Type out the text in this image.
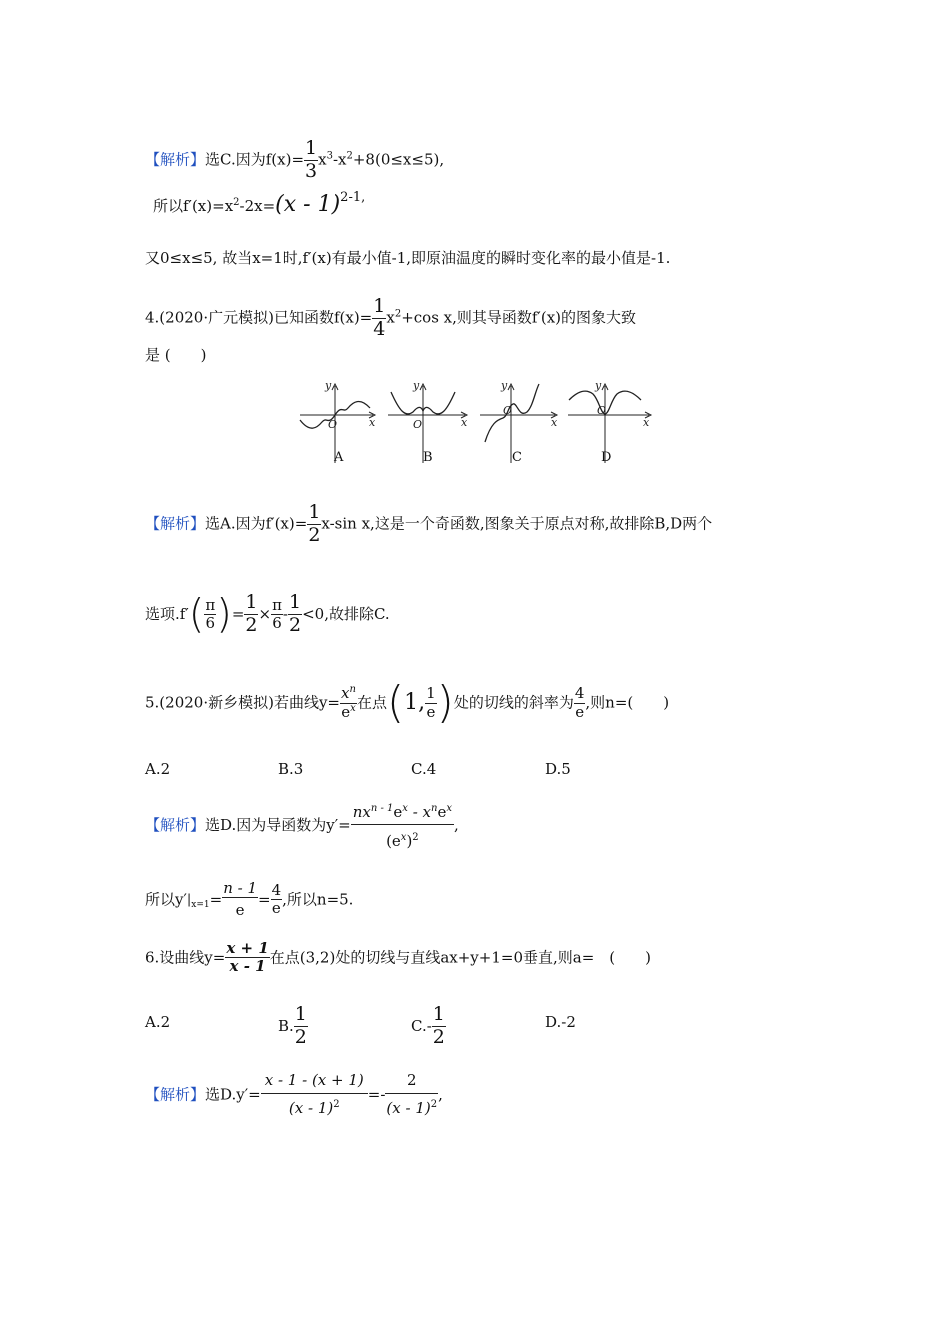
【解析】选C.因为$f(x)= \frac{1}{3} x^3-x^2+8(0\le x\le 5)$,
所以$f'(x)=x^2-2x=(x - 1)^{2-1,}$
又0≤x≤5, 故当x=1时,f′(x)有最小值-1,即原油温度的瞬时变化率的最小值是-1.
4.(2020·广元模拟)已知函数$f(x)= \frac{1}{4} x^2+\cos$ x,则其导函数f′(x)的图象大致
是 (　　)
y
x
O
y
x
O
y
x
O
y
x
O
A	B	C	D
【解析】选A.因为$f'(x)= \frac{1}{2} x-\sin$ x,这是一个奇函数,图象关于原点对称,故排除B,D两个
选项$.f'( \frac{\pi}{6}$ )= $\frac{1}{2} \times \frac{\pi}{6} - \frac{1}{2} <0$,故排除C.
5.(2020·新乡模拟)若曲线$y= \frac{x^n}{e^x}$ 在点(1, $\frac{1}{e}$ )处的切线的斜率为 $\frac{4}{e}$ ,则n=(　　)
A.2	B.3	C.4	D.5
【解析】选D.因为导函数为y′=
$nx^{n - 1}e^x - x^ne^x$
$(e^x)^2$
,
所以$y'|_{x=1}= \frac{n - 1}{e} = \frac{4}{e}$ ,所以n=5.
6.设曲线$y= \frac{x + 1}{x - 1}$ 在点(3,2)处的切线与直线ax+y+1=0垂直,则a=　(　　)
A.2	B. $\frac{1}{2}$	$C.- \frac{1}{2}$	D.-2
【解析】选$D.y'= \frac{x - 1 - (x + 1)}{(x - 1)^2} =- \frac{2}{(x - 1)^2}$ ,
